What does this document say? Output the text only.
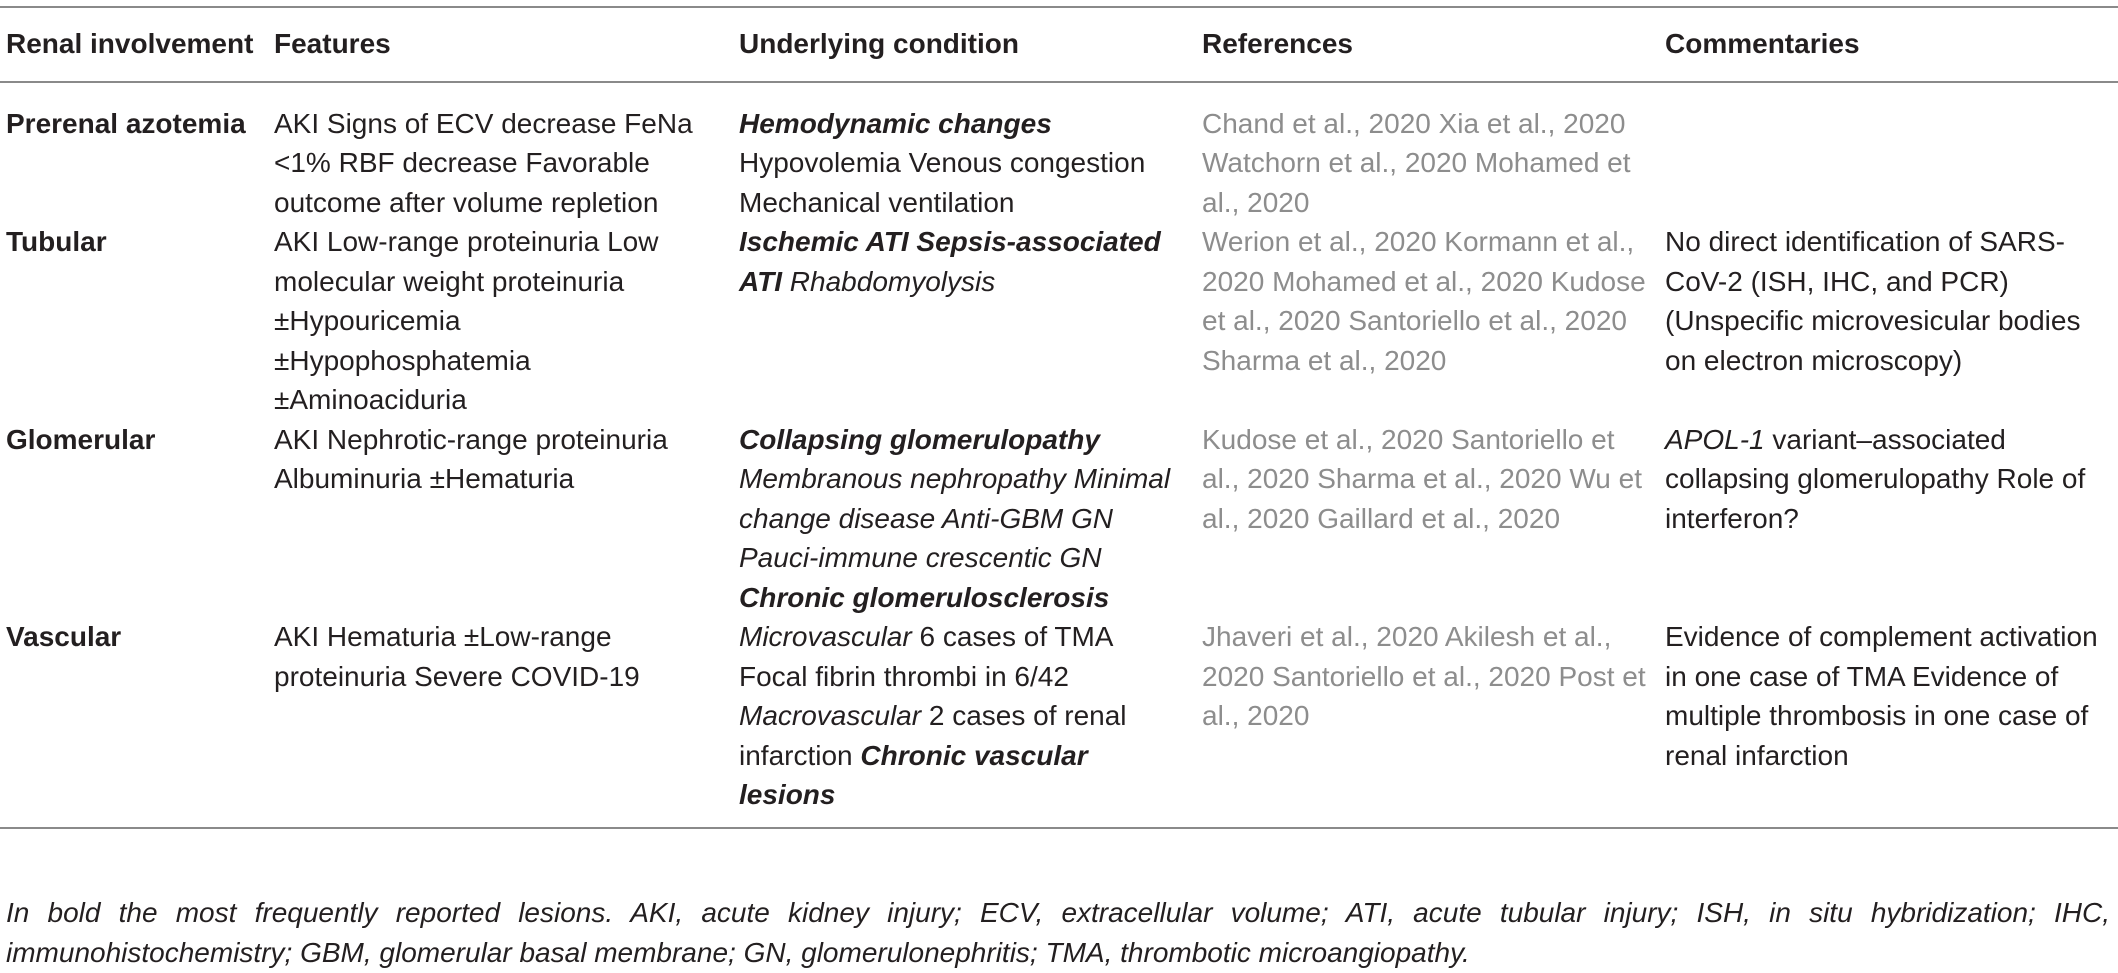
Renal involvement	Features	Underlying condition	References	Commentaries
Prerenal azotemia	AKI Signs of ECV decrease FeNa <1% RBF decrease Favorable outcome after volume repletion	Hemodynamic changes Hypovolemia Venous congestion Mechanical ventilation	Chand et al., 2020 Xia et al., 2020 Watchorn et al., 2020 Mohamed et al., 2020	
Tubular	AKI Low-range proteinuria Low molecular weight proteinuria ±Hypouricemia ±Hypophosphatemia ±Aminoaciduria	Ischemic ATI Sepsis-associated ATI Rhabdomyolysis	Werion et al., 2020 Kormann et al., 2020 Mohamed et al., 2020 Kudose et al., 2020 Santoriello et al., 2020 Sharma et al., 2020	No direct identification of SARS-CoV-2 (ISH, IHC, and PCR) (Unspecific microvesicular bodies on electron microscopy)
Glomerular	AKI Nephrotic-range proteinuria Albuminuria ±Hematuria	Collapsing glomerulopathy Membranous nephropathy Minimal change disease Anti-GBM GN Pauci-immune crescentic GN Chronic glomerulosclerosis	Kudose et al., 2020 Santoriello et al., 2020 Sharma et al., 2020 Wu et al., 2020 Gaillard et al., 2020	APOL-1 variant–associated collapsing glomerulopathy Role of interferon?
Vascular	AKI Hematuria ±Low-range proteinuria Severe COVID-19	Microvascular 6 cases of TMA Focal fibrin thrombi in 6/42 Macrovascular 2 cases of renal infarction Chronic vascular lesions	Jhaveri et al., 2020 Akilesh et al., 2020 Santoriello et al., 2020 Post et al., 2020	Evidence of complement activation in one case of TMA Evidence of multiple thrombosis in one case of renal infarction
In bold the most frequently reported lesions. AKI, acute kidney injury; ECV, extracellular volume; ATI, acute tubular injury; ISH, in situ hybridization; IHC, immunohistochemistry; GBM, glomerular basal membrane; GN, glomerulonephritis; TMA, thrombotic microangiopathy.
